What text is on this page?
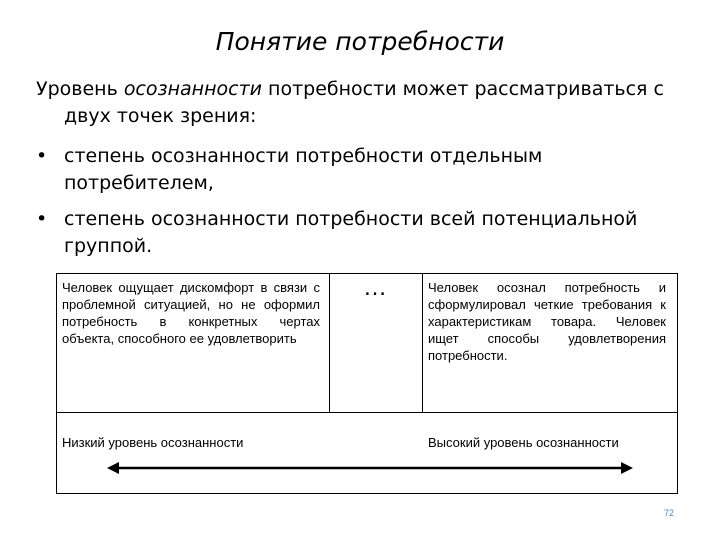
Понятие потребности
Уровень осознанности потребности может рассматриваться с
двух точек зрения:
• степень осознанности потребности отдельным
потребителем,
• степень осознанности потребности всей потенциальной
группой.
Человек ощущает дискомфорт в связи с проблемной ситуацией, но не оформил потребность в конкретных чертах объекта, способного ее удовлетворить
…	Человек осознал потребность и сформулировал четкие требования к характеристикам товара. Человек ищет способы удовлетворения потребности.
Низкий уровень осознанности	Высокий уровень осознанности
72
